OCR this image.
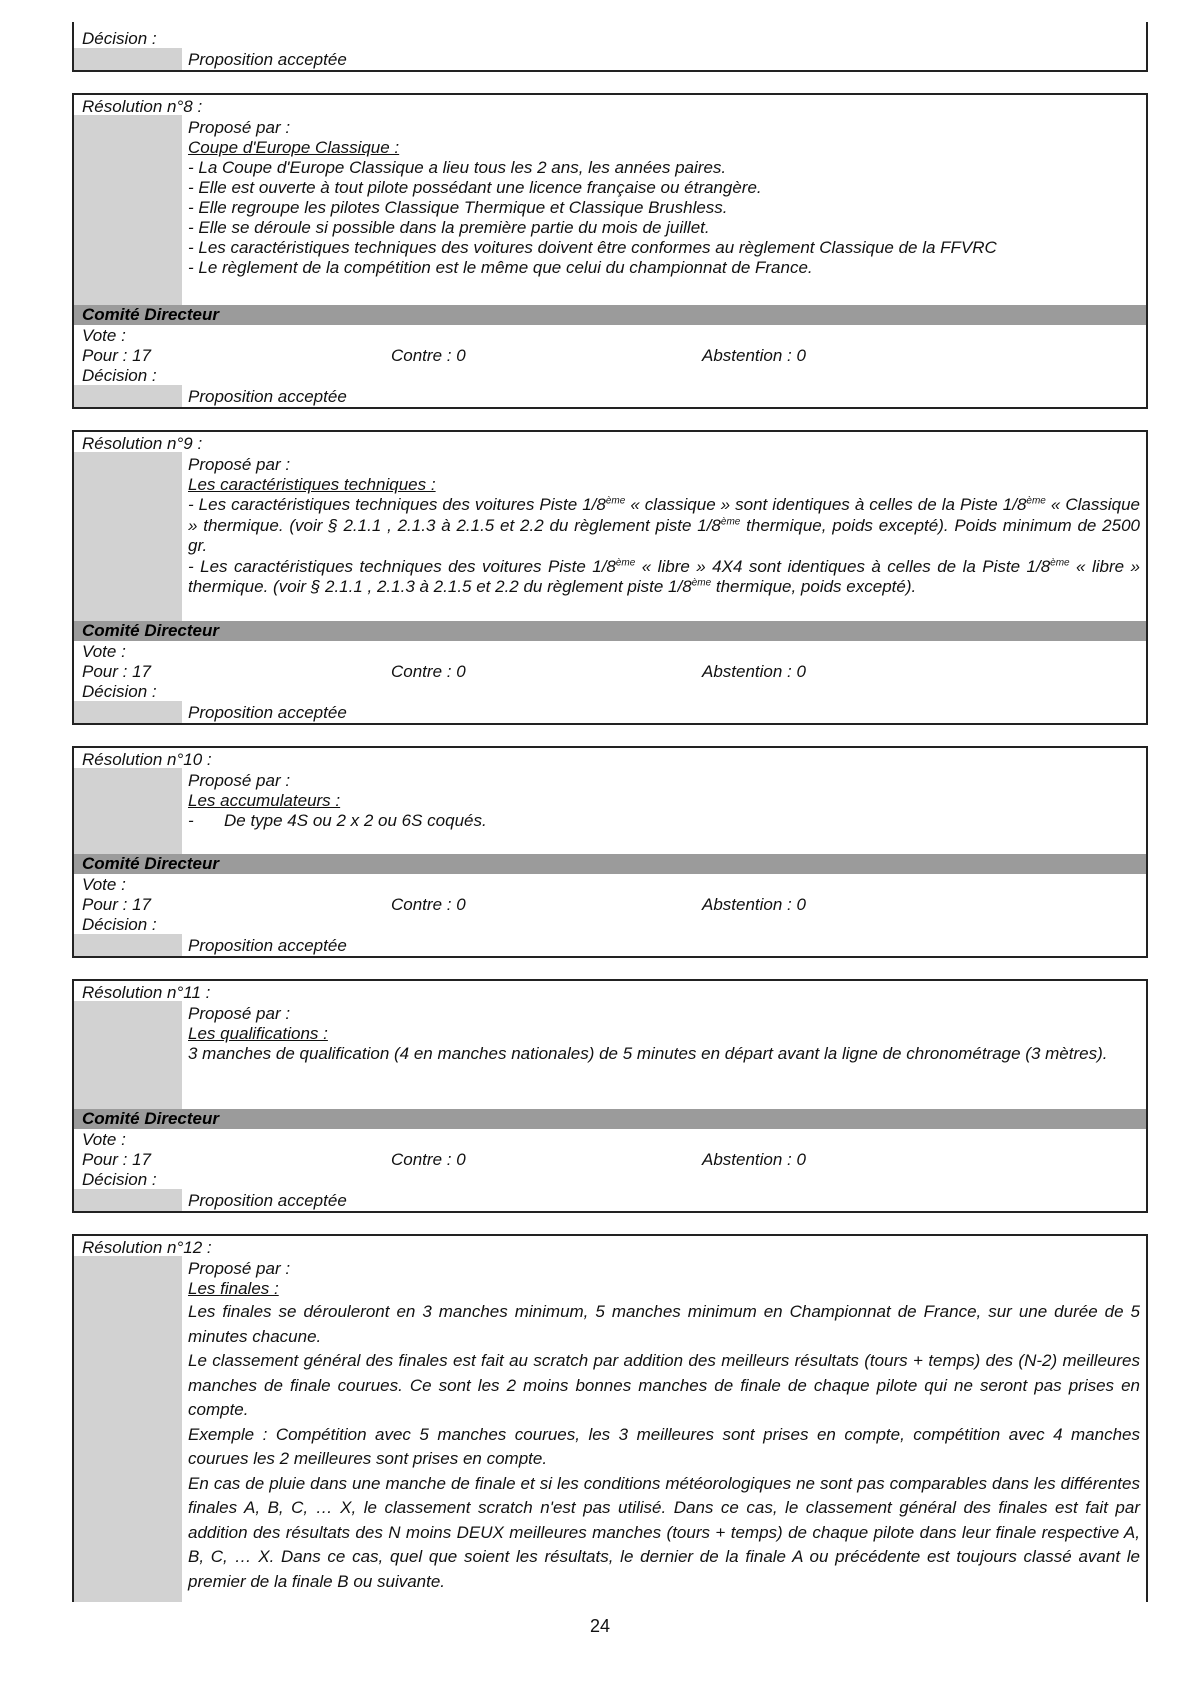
Décision :
Proposition acceptée
Résolution n°8 :
Proposé par :
Coupe d'Europe Classique :
- La Coupe d'Europe Classique a lieu tous les 2 ans, les années paires.
- Elle est ouverte à tout pilote possédant une licence française ou étrangère.
- Elle regroupe les pilotes Classique Thermique et Classique Brushless.
- Elle se déroule si possible dans la première partie du mois de juillet.
- Les caractéristiques techniques des voitures doivent être conformes au règlement Classique de la FFVRC
- Le règlement de la compétition est le même que celui du championnat de France.
Comité Directeur
Vote :
Pour : 17	Contre : 0	Abstention : 0
Décision :
Proposition acceptée
Résolution n°9 :
Proposé par :
Les caractéristiques techniques :

- Les caractéristiques techniques des voitures Piste 1/8ème « classique » sont identiques à celles de la Piste 1/8ème « Classique » thermique. (voir § 2.1.1 , 2.1.3 à 2.1.5 et 2.2 du règlement piste 1/8ème thermique, poids excepté). Poids minimum de 2500 gr.

- Les caractéristiques techniques des voitures Piste 1/8ème « libre » 4X4 sont identiques à celles de la Piste 1/8ème « libre » thermique. (voir § 2.1.1 , 2.1.3 à 2.1.5 et 2.2 du règlement piste 1/8ème thermique, poids excepté).

Comité Directeur
Vote :
Pour : 17	Contre : 0	Abstention : 0
Décision :
Proposition acceptée
Résolution n°10 :
Proposé par :
Les accumulateurs :
- De type 4S ou 2 x 2 ou 6S coqués.
Comité Directeur
Vote :
Pour : 17	Contre : 0	Abstention : 0
Décision :
Proposition acceptée
Résolution n°11 :
Proposé par :
Les qualifications :
3 manches de qualification (4 en manches nationales) de 5 minutes en départ avant la ligne de chronométrage (3 mètres).
Comité Directeur
Vote :
Pour : 17	Contre : 0	Abstention : 0
Décision :
Proposition acceptée
Résolution n°12 :
Proposé par :
Les finales :

Les finales se dérouleront en 3 manches minimum, 5 manches minimum en Championnat de France, sur une durée de 5 minutes chacune.

Le classement général des finales est fait au scratch par addition des meilleurs résultats (tours + temps) des (N-2) meilleures manches de finale courues. Ce sont les 2 moins bonnes manches de finale de chaque pilote qui ne seront pas prises en compte.

Exemple : Compétition avec 5 manches courues, les 3 meilleures sont prises en compte, compétition avec 4 manches courues les 2 meilleures sont prises en compte.

En cas de pluie dans une manche de finale et si les conditions météorologiques ne sont pas comparables dans les différentes finales A, B, C, … X, le classement scratch n'est pas utilisé. Dans ce cas, le classement général des finales est fait par addition des résultats des N moins DEUX meilleures manches (tours + temps) de chaque pilote dans leur finale respective A, B, C, … X. Dans ce cas, quel que soient les résultats, le dernier de la finale A ou précédente est toujours classé avant le premier de la finale B ou suivante.

24
